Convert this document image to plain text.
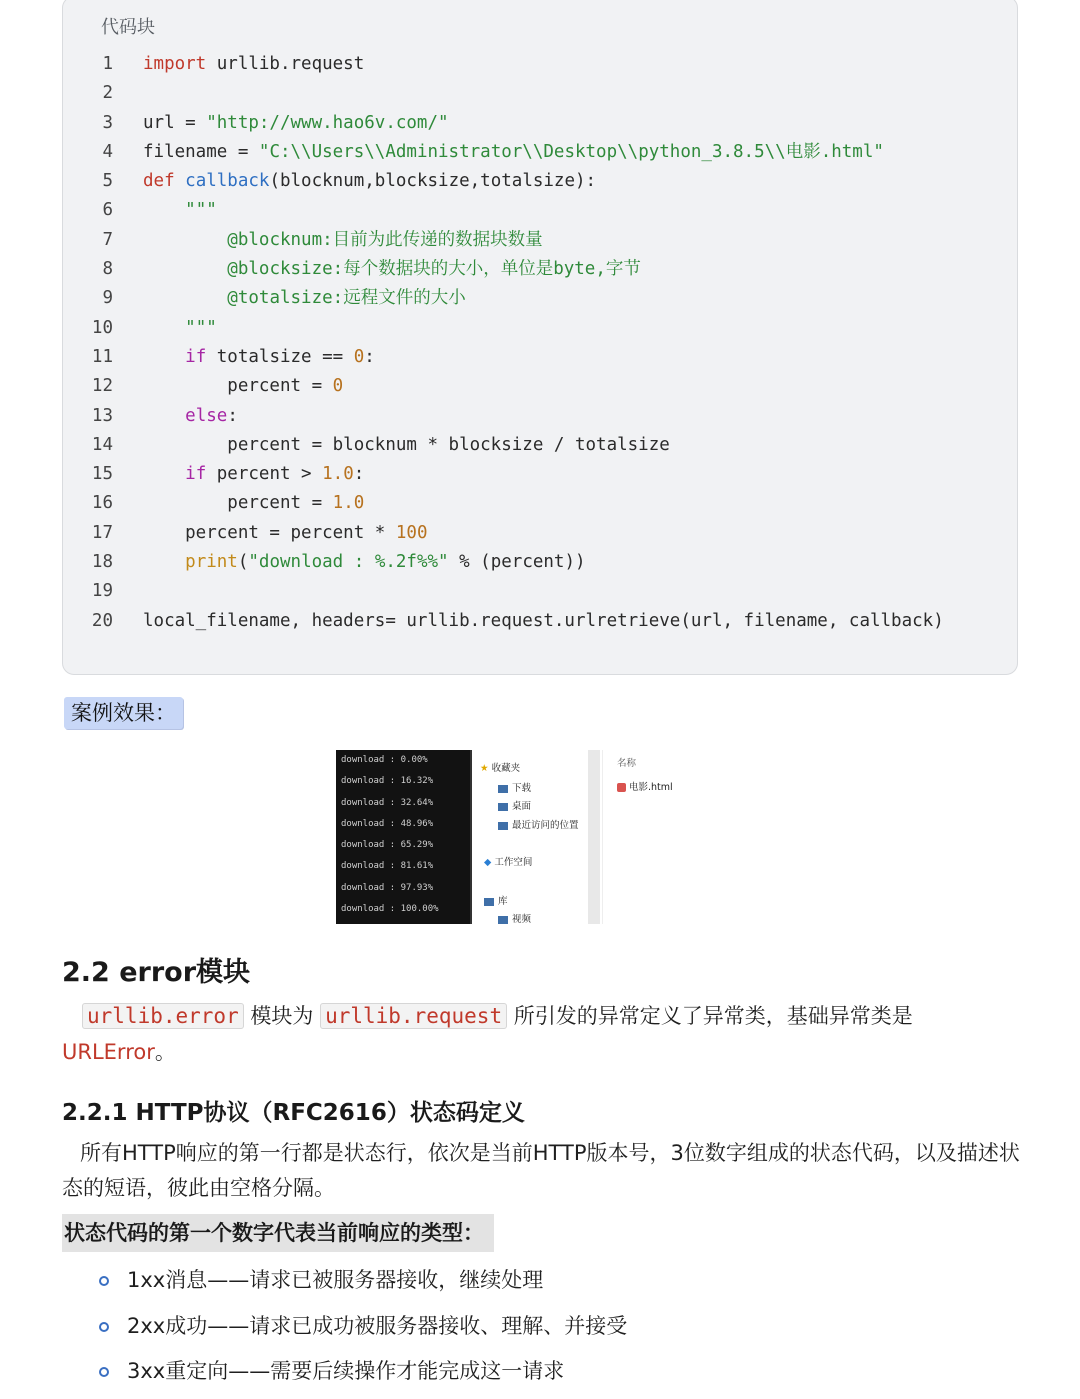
代码块
1 import urllib.request
2
3 url = "http://www.hao6v.com/"
4 filename = "C:\\Users\\Administrator\\Desktop\\python_3.8.5\\电影.html"
5 def callback(blocknum,blocksize,totalsize):
6	"""
7	@blocknum:目前为此传递的数据块数量
8	@blocksize:每个数据块的大小，单位是byte,字节
9	@totalsize:远程文件的大小
10	"""
11	if totalsize == 0:
12 percent = 0
13	else:
14 percent = blocknum * blocksize / totalsize
15	if percent > 1.0:
16 percent = 1.0
17 percent = percent * 100
18	print("download : %.2f%%" % (percent))
19
20 local_filename, headers= urllib.request.urlretrieve(url, filename, callback)
案例效果：
download : 0.00%
download : 16.32%
download : 32.64%
download : 48.96%
download : 65.29%
download : 81.61%
download : 97.93%
download : 100.00%
★ 收藏夹
下载
桌面
最近访问的位置
◆ 工作空间
库
视频
名称
电影.html
2.2 error模块
urllib.error 模块为 urllib.request 所引发的异常定义了异常类，基础异常类是
URLError。
2.2.1 HTTP协议（RFC2616）状态码定义
所有HTTP响应的第一行都是状态行，依次是当前HTTP版本号，3位数字组成的状态代码，以及描述状态的短语，彼此由空格分隔。
状态代码的第一个数字代表当前响应的类型：
1xx消息——请求已被服务器接收，继续处理
2xx成功——请求已成功被服务器接收、理解、并接受
3xx重定向——需要后续操作才能完成这一请求
